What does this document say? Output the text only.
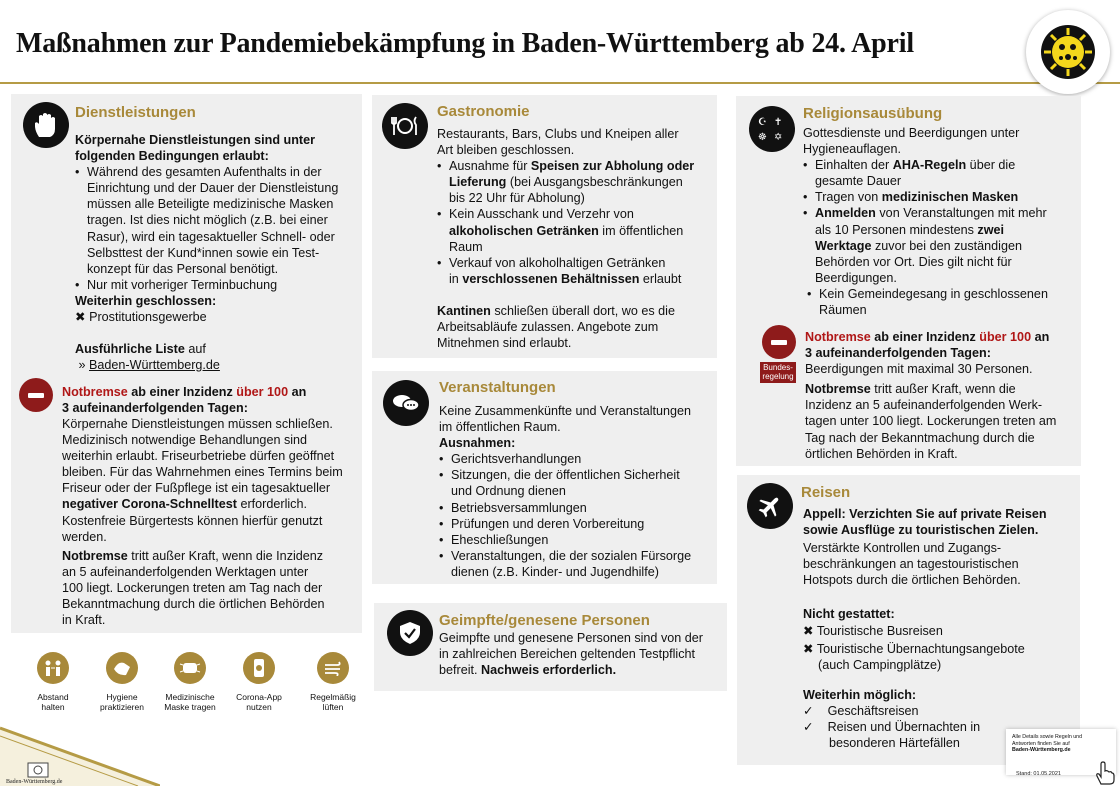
Maßnahmen zur Pandemiebekämpfung in Baden-Württemberg ab 24. April
Dienstleistungen
Körpernahe Dienstleistungen sind unter
folgenden Bedingungen erlaubt:
• Während des gesamten Aufenthalts in der
Einrichtung und der Dauer der Dienstleistung
müssen alle Beteiligte medizinische Masken
tragen. Ist dies nicht möglich (z.B. bei einer
Rasur), wird ein tagesaktueller Schnell- oder
Selbsttest der Kund*innen sowie ein Test-
konzept für das Personal benötigt.
• Nur mit vorheriger Terminbuchung
Weiterhin geschlossen:
✖ Prostitutionsgewerbe
Ausführliche Liste auf
» Baden-Württemberg.de
Notbremse ab einer Inzidenz über 100 an
3 aufeinanderfolgenden Tagen:
Körpernahe Dienstleistungen müssen schließen.
Medizinisch notwendige Behandlungen sind
weiterhin erlaubt. Friseurbetriebe dürfen geöffnet
bleiben. Für das Wahrnehmen eines Termins beim
Friseur oder der Fußpflege ist ein tagesaktueller
negativer Corona-Schnelltest erforderlich.
Kostenfreie Bürgertests können hierfür genutzt
werden.
Notbremse tritt außer Kraft, wenn die Inzidenz
an 5 aufeinanderfolgenden Werktagen unter
100 liegt. Lockerungen treten am Tag nach der
Bekanntmachung durch die örtlichen Behörden
in Kraft.
Abstand
halten
Hygiene
praktizieren
Medizinische
Maske tragen
Corona-App
nutzen
Regelmäßig
lüften
Baden-Württemberg.de
Gastronomie
Restaurants, Bars, Clubs und Kneipen aller
Art bleiben geschlossen.
• Ausnahme für Speisen zur Abholung oder
Lieferung (bei Ausgangsbeschränkungen
bis 22 Uhr für Abholung)
• Kein Ausschank und Verzehr von
alkoholischen Getränken im öffentlichen
Raum
• Verkauf von alkoholhaltigen Getränken
in verschlossenen Behältnissen erlaubt
Kantinen schließen überall dort, wo es die
Arbeitsabläufe zulassen. Angebote zum
Mitnehmen sind erlaubt.
Veranstaltungen
Keine Zusammenkünfte und Veranstaltungen
im öffentlichen Raum.
Ausnahmen:
• Gerichtsverhandlungen
• Sitzungen, die der öffentlichen Sicherheit
und Ordnung dienen
• Betriebsversammlungen
• Prüfungen und deren Vorbereitung
• Eheschließungen
• Veranstaltungen, die der sozialen Fürsorge
dienen (z.B. Kinder- und Jugendhilfe)
Geimpfte/genesene Personen
Geimpfte und genesene Personen sind von der
in zahlreichen Bereichen geltenden Testpflicht
befreit. Nachweis erforderlich.
☪ ✝
☸ ✡
Religionsausübung
Gottesdienste und Beerdigungen unter
Hygieneauflagen.
• Einhalten der AHA-Regeln über die
gesamte Dauer
• Tragen von medizinischen Masken
• Anmelden von Veranstaltungen mit mehr
als 10 Personen mindestens zwei
Werktage zuvor bei den zuständigen
Behörden vor Ort. Dies gilt nicht für
Beerdigungen.
• Kein Gemeindegesang in geschlossenen
Räumen
Bundes-
regelung
Notbremse ab einer Inzidenz über 100 an
3 aufeinanderfolgenden Tagen:
Beerdigungen mit maximal 30 Personen.
Notbremse tritt außer Kraft, wenn die
Inzidenz an 5 aufeinanderfolgenden Werk-
tagen unter 100 liegt. Lockerungen treten am
Tag nach der Bekanntmachung durch die
örtlichen Behörden in Kraft.
Reisen
Appell: Verzichten Sie auf private Reisen
sowie Ausflüge zu touristischen Zielen.
Verstärkte Kontrollen und Zugangs-
beschränkungen an tagestouristischen
Hotspots durch die örtlichen Behörden.
Nicht gestattet:
✖ Touristische Busreisen
✖ Touristische Übernachtungsangebote
(auch Campingplätze)
Weiterhin möglich:
✓    Geschäftsreisen
✓    Reisen und Übernachten in
besonderen Härtefällen	Alle Details sowie Regeln und
Antworten finden Sie auf
Baden-Württemberg.de
Stand: 01.05.2021
